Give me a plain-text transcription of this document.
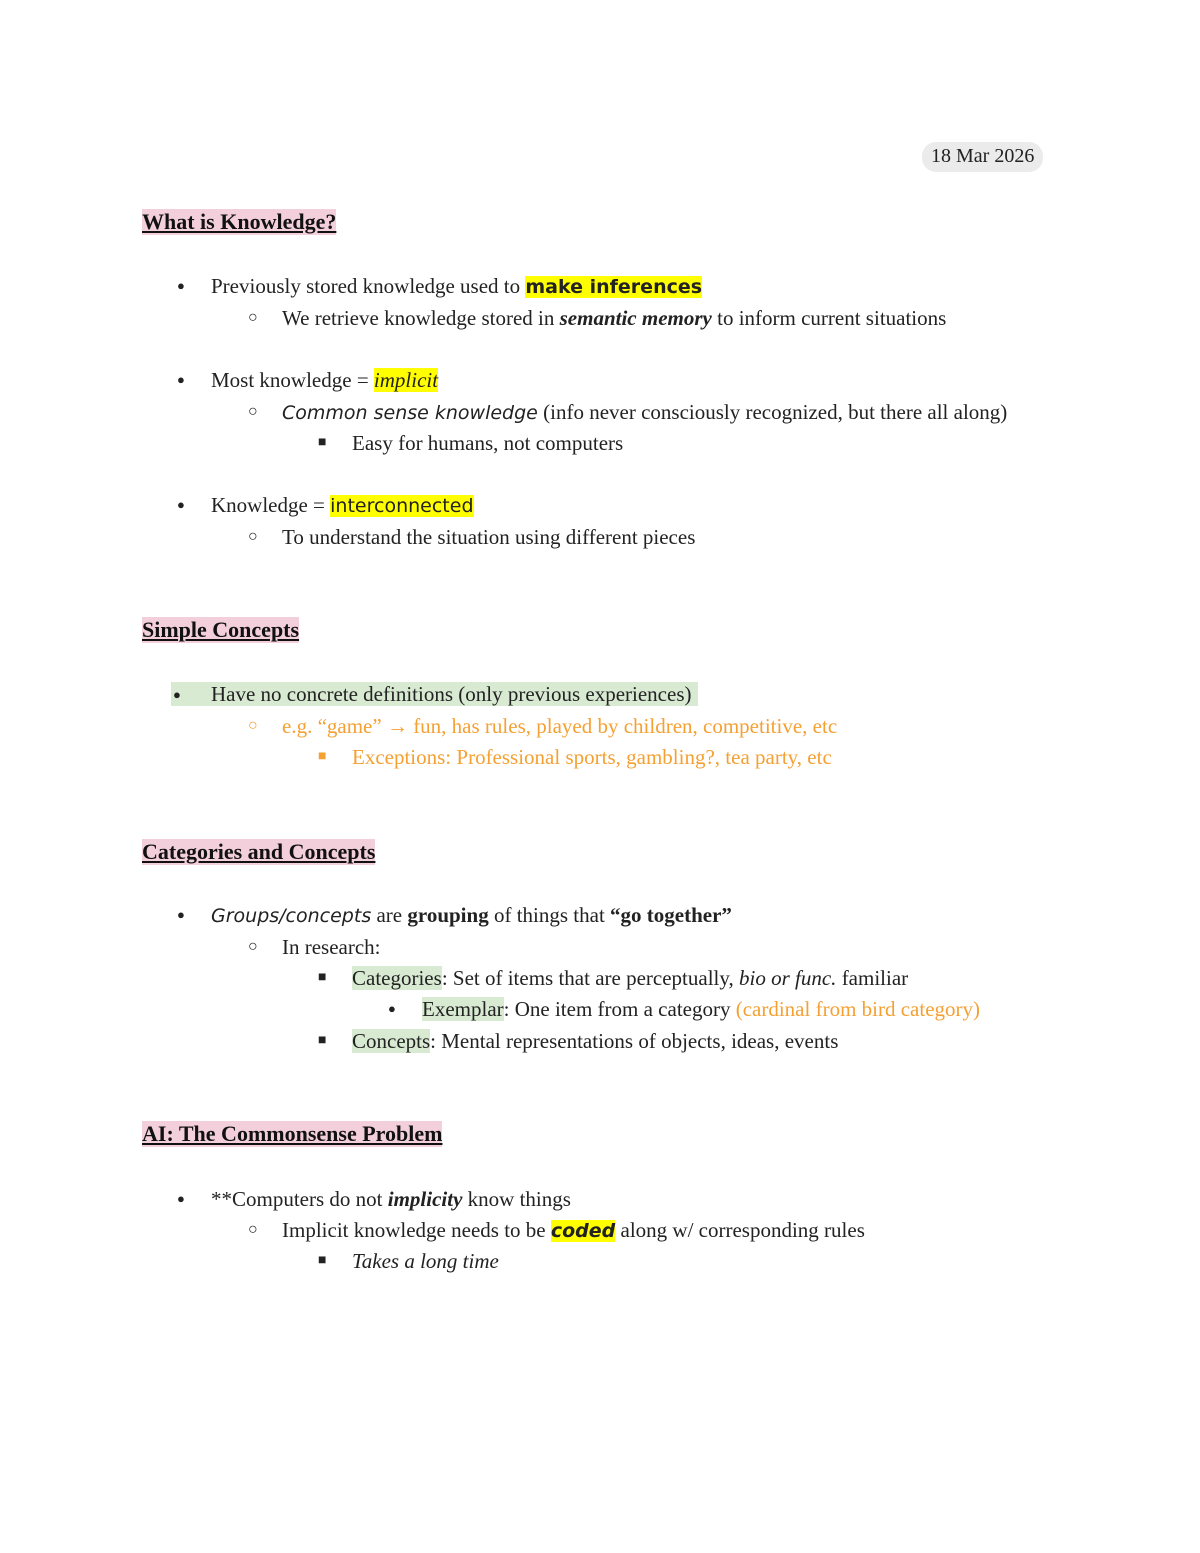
18 Mar 2026
What is Knowledge?
● Previously stored knowledge used to make inferences
○ We retrieve knowledge stored in semantic memory to inform current situations
● Most knowledge = implicit
○ Common sense knowledge (info never consciously recognized, but there all along)
■ Easy for humans, not computers
● Knowledge = interconnected
○ To understand the situation using different pieces
Simple Concepts
● Have no concrete definitions (only previous experiences)
○ e.g. “game” → fun, has rules, played by children, competitive, etc
■ Exceptions: Professional sports, gambling?, tea party, etc
Categories and Concepts
● Groups/concepts are grouping of things that “go together”
○ In research:
■ Categories: Set of items that are perceptually, bio or func. familiar
● Exemplar: One item from a category (cardinal from bird category)
■ Concepts: Mental representations of objects, ideas, events
AI: The Commonsense Problem
● **Computers do not implicity know things
○ Implicit knowledge needs to be coded along w/ corresponding rules
■ Takes a long time
